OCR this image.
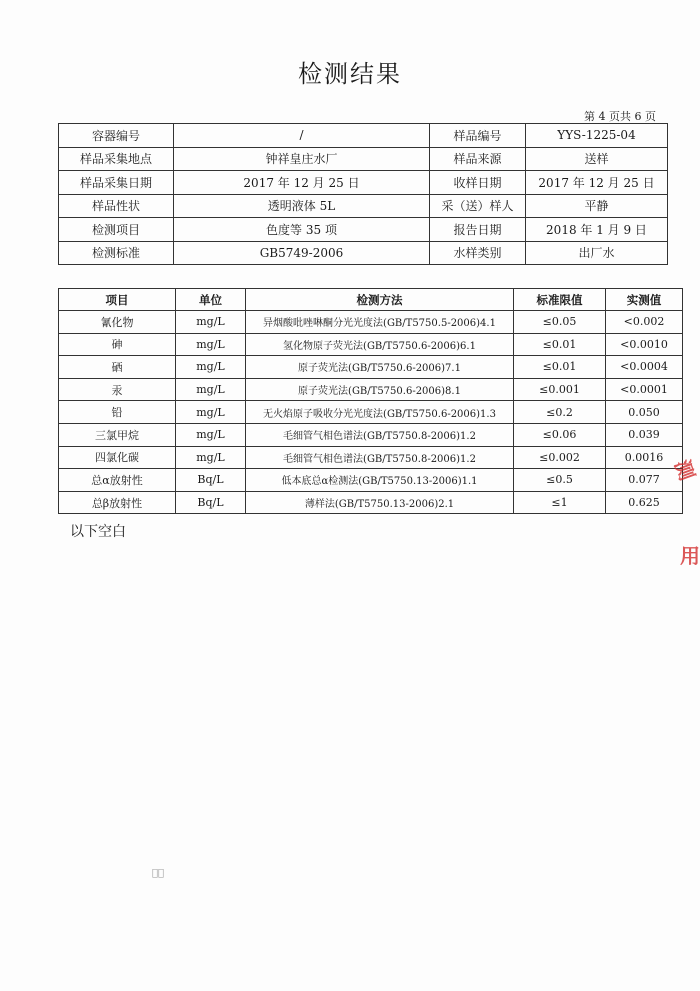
检测结果
第 4 页共 6 页
容器编号	/	样品编号	YYS-1225-04
样品采集地点	钟祥皇庄水厂	样品来源	送样
样品采集日期	2017 年 12 月 25 日	收样日期	2017 年 12 月 25 日
样品性状	透明液体 5L	采（送）样人	平静
检测项目	色度等 35 项	报告日期	2018 年 1 月 9 日
检测标准	GB5749-2006	水样类别	出厂水
项目	单位	检测方法	标准限值	实测值
氰化物	mg/L	异烟酸吡唑啉酮分光光度法(GB/T5750.5-2006)4.1	≤0.05	<0.002
砷	mg/L	氢化物原子荧光法(GB/T5750.6-2006)6.1	≤0.01	<0.0010
硒	mg/L	原子荧光法(GB/T5750.6-2006)7.1	≤0.01	<0.0004
汞	mg/L	原子荧光法(GB/T5750.6-2006)8.1	≤0.001	<0.0001
铅	mg/L	无火焰原子吸收分光光度法(GB/T5750.6-2006)1.3	≤0.2	0.050
三氯甲烷	mg/L	毛细管气相色谱法(GB/T5750.8-2006)1.2	≤0.06	0.039
四氯化碳	mg/L	毛细管气相色谱法(GB/T5750.8-2006)1.2	≤0.002	0.0016
总α放射性	Bq/L	低本底总α检测法(GB/T5750.13-2006)1.1	≤0.5	0.077
总β放射性	Bq/L	薄样法(GB/T5750.13-2006)2.1	≤1	0.625
以下空白
测
用
∴ﾟ
